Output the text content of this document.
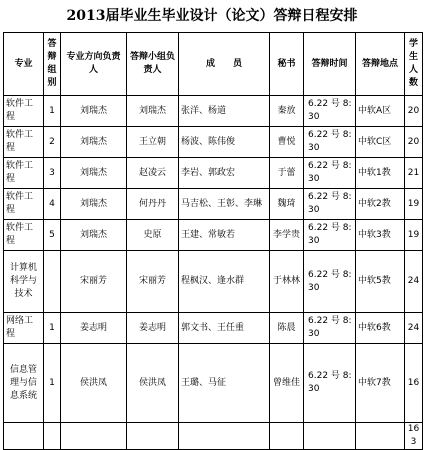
2013届毕业生毕业设计（论文）答辩日程安排
专业	答辩组别	专业方向负责人	答辩小组负责人	成　　员	秘书	答辩时间	答辩地点	学生人数
软件工程	1	刘瑞杰	刘瑞杰	张洋、杨道	秦放	6.22 号 8:30	中软A区	20
软件工程	2	刘瑞杰	王立朝	杨波、陈伟俊	曹悦	6.22 号 8:30	中软C区	20
软件工程	3	刘瑞杰	赵凌云	李岩、郭政宏	于蕾	6.22 号 8:30	中软1教	21
软件工程	4	刘瑞杰	何丹丹	马吉松、王彰、李琳	魏琦	6.22 号 8:30	中软2教	19
软件工程	5	刘瑞杰	史原	王建、常敏若	李学贵	6.22 号 8:30	中软3教	19
计算机科学与技术		宋丽芳	宋丽芳	程枫汉、逢水群	于林林	6.22 号 8:30	中软5教	24
网络工程	1	姜志明	姜志明	郭文书、王任重	陈晨	6.22 号 8:30	中软6教	24
信息管理与信息系统	1	侯洪凤	侯洪凤	王璐、马征	曾维佳	6.22 号 8:30	中软7教	16
								163
